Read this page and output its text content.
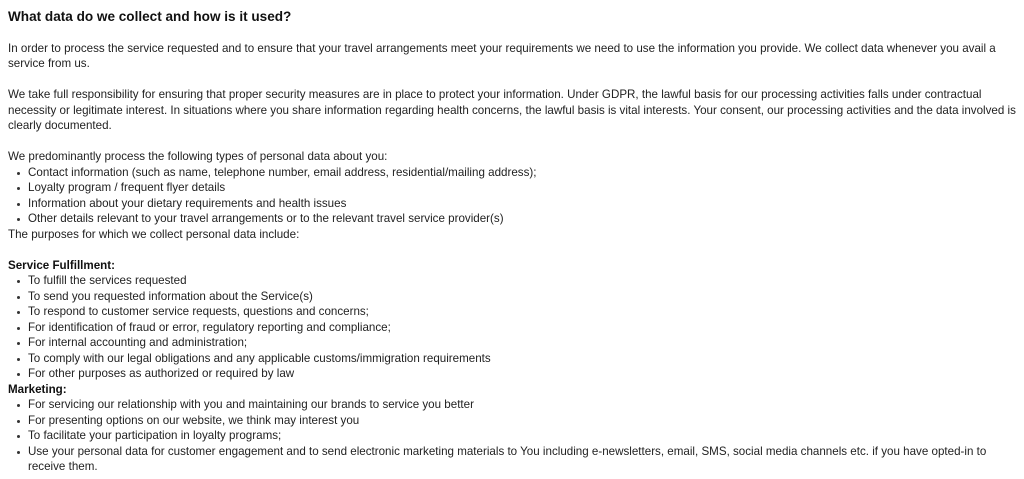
What data do we collect and how is it used?

In order to process the service requested and to ensure that your travel arrangements meet your requirements we need to use the information you provide. We collect data whenever you avail a service from us.

We take full responsibility for ensuring that proper security measures are in place to protect your information. Under GDPR, the lawful basis for our processing activities falls under contractual necessity or legitimate interest. In situations where you share information regarding health concerns, the lawful basis is vital interests. Your consent, our processing activities and the data involved is clearly documented.

We predominantly process the following types of personal data about you:

Contact information (such as name, telephone number, email address, residential/mailing address);
Loyalty program / frequent flyer details
Information about your dietary requirements and health issues
Other details relevant to your travel arrangements or to the relevant travel service provider(s)

The purposes for which we collect personal data include:

Service Fulfillment:

To fulfill the services requested
To send you requested information about the Service(s)
To respond to customer service requests, questions and concerns;
For identification of fraud or error, regulatory reporting and compliance;
For internal accounting and administration;
To comply with our legal obligations and any applicable customs/immigration requirements
For other purposes as authorized or required by law

Marketing:

For servicing our relationship with you and maintaining our brands to service you better
For presenting options on our website, we think may interest you
To facilitate your participation in loyalty programs;
Use your personal data for customer engagement and to send electronic marketing materials to You including e-newsletters, email, SMS, social media channels etc. if you have opted-in to receive them.
